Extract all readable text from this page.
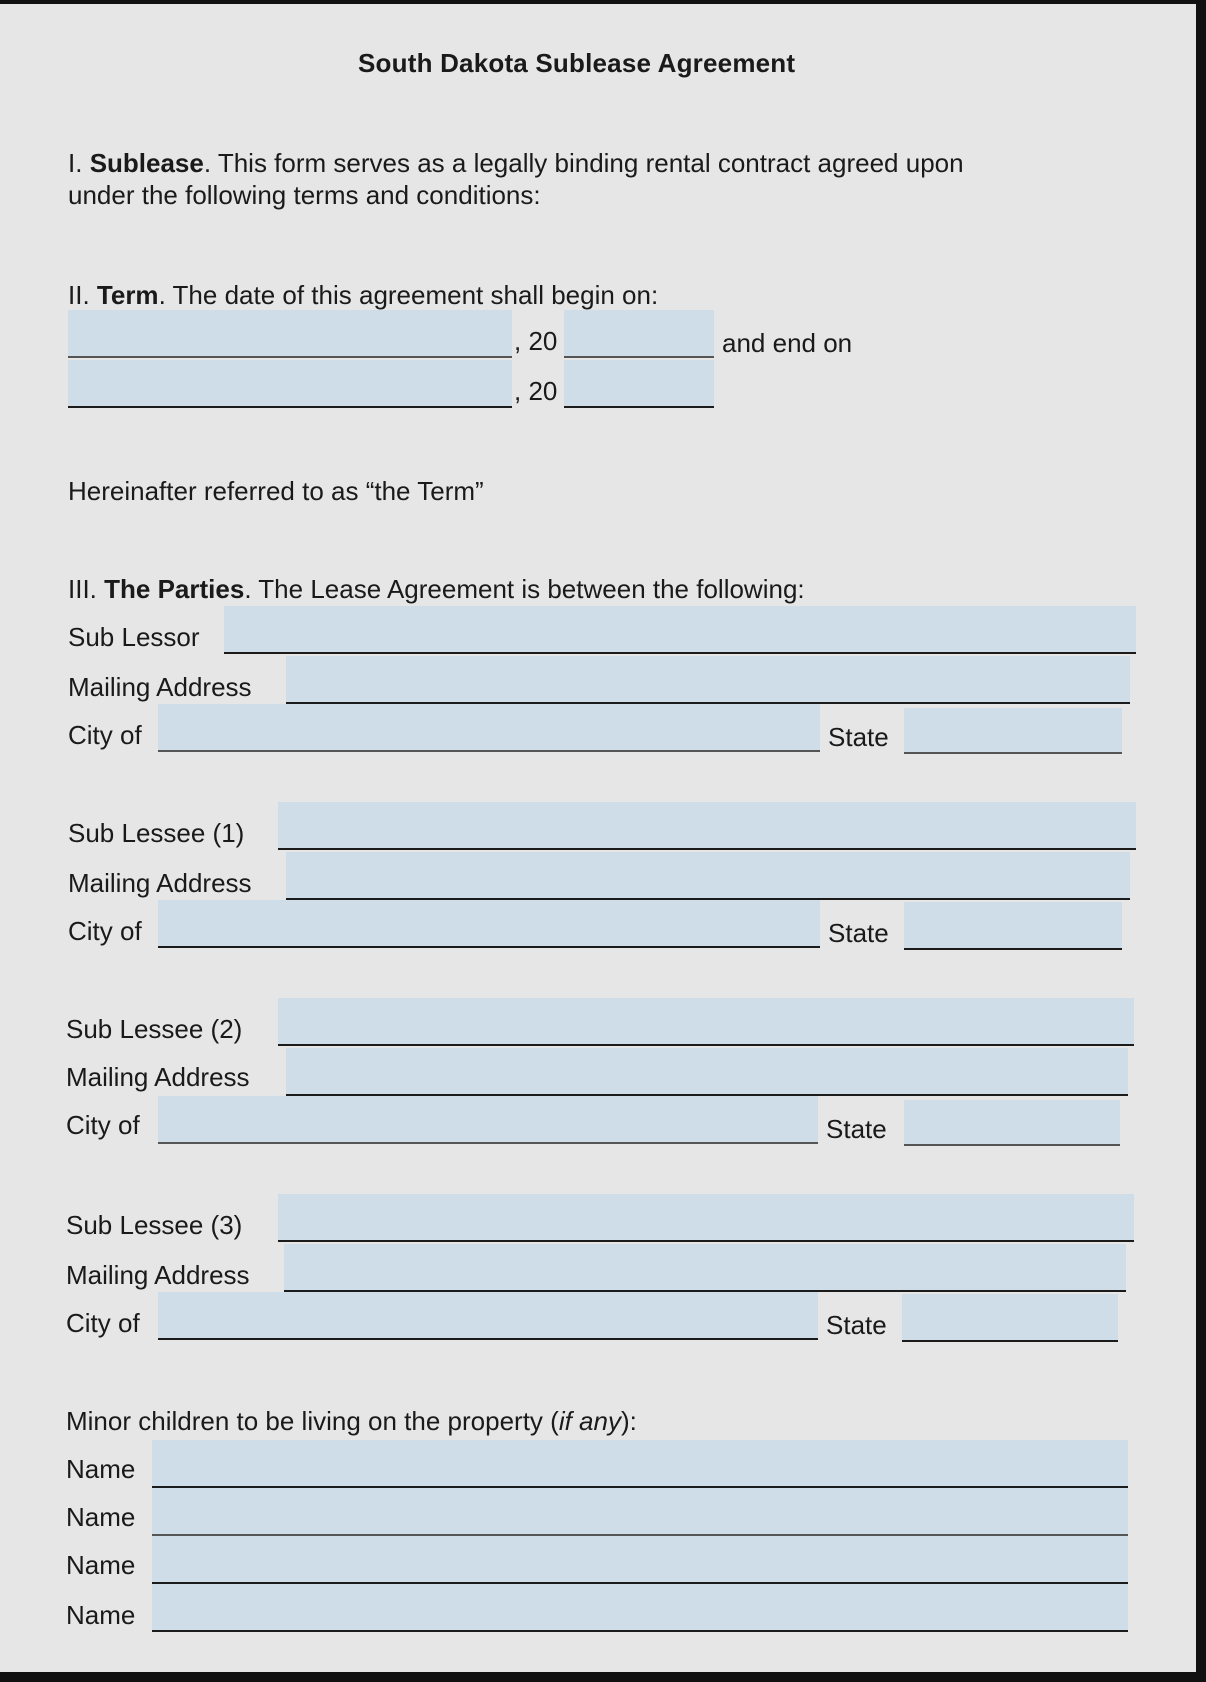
South Dakota Sublease Agreement
I. Sublease. This form serves as a legally binding rental contract agreed upon
under the following terms and conditions:
II. Term. The date of this agreement shall begin on:
, 20	and end on
, 20
Hereinafter referred to as “the Term”
III. The Parties. The Lease Agreement is between the following:
Sub Lessor
Mailing Address
City of	State
Sub Lessee (1)
Mailing Address
City of	State
Sub Lessee (2)
Mailing Address
City of	State
Sub Lessee (3)
Mailing Address
City of	State
Minor children to be living on the property (if any):
Name
Name
Name
Name
